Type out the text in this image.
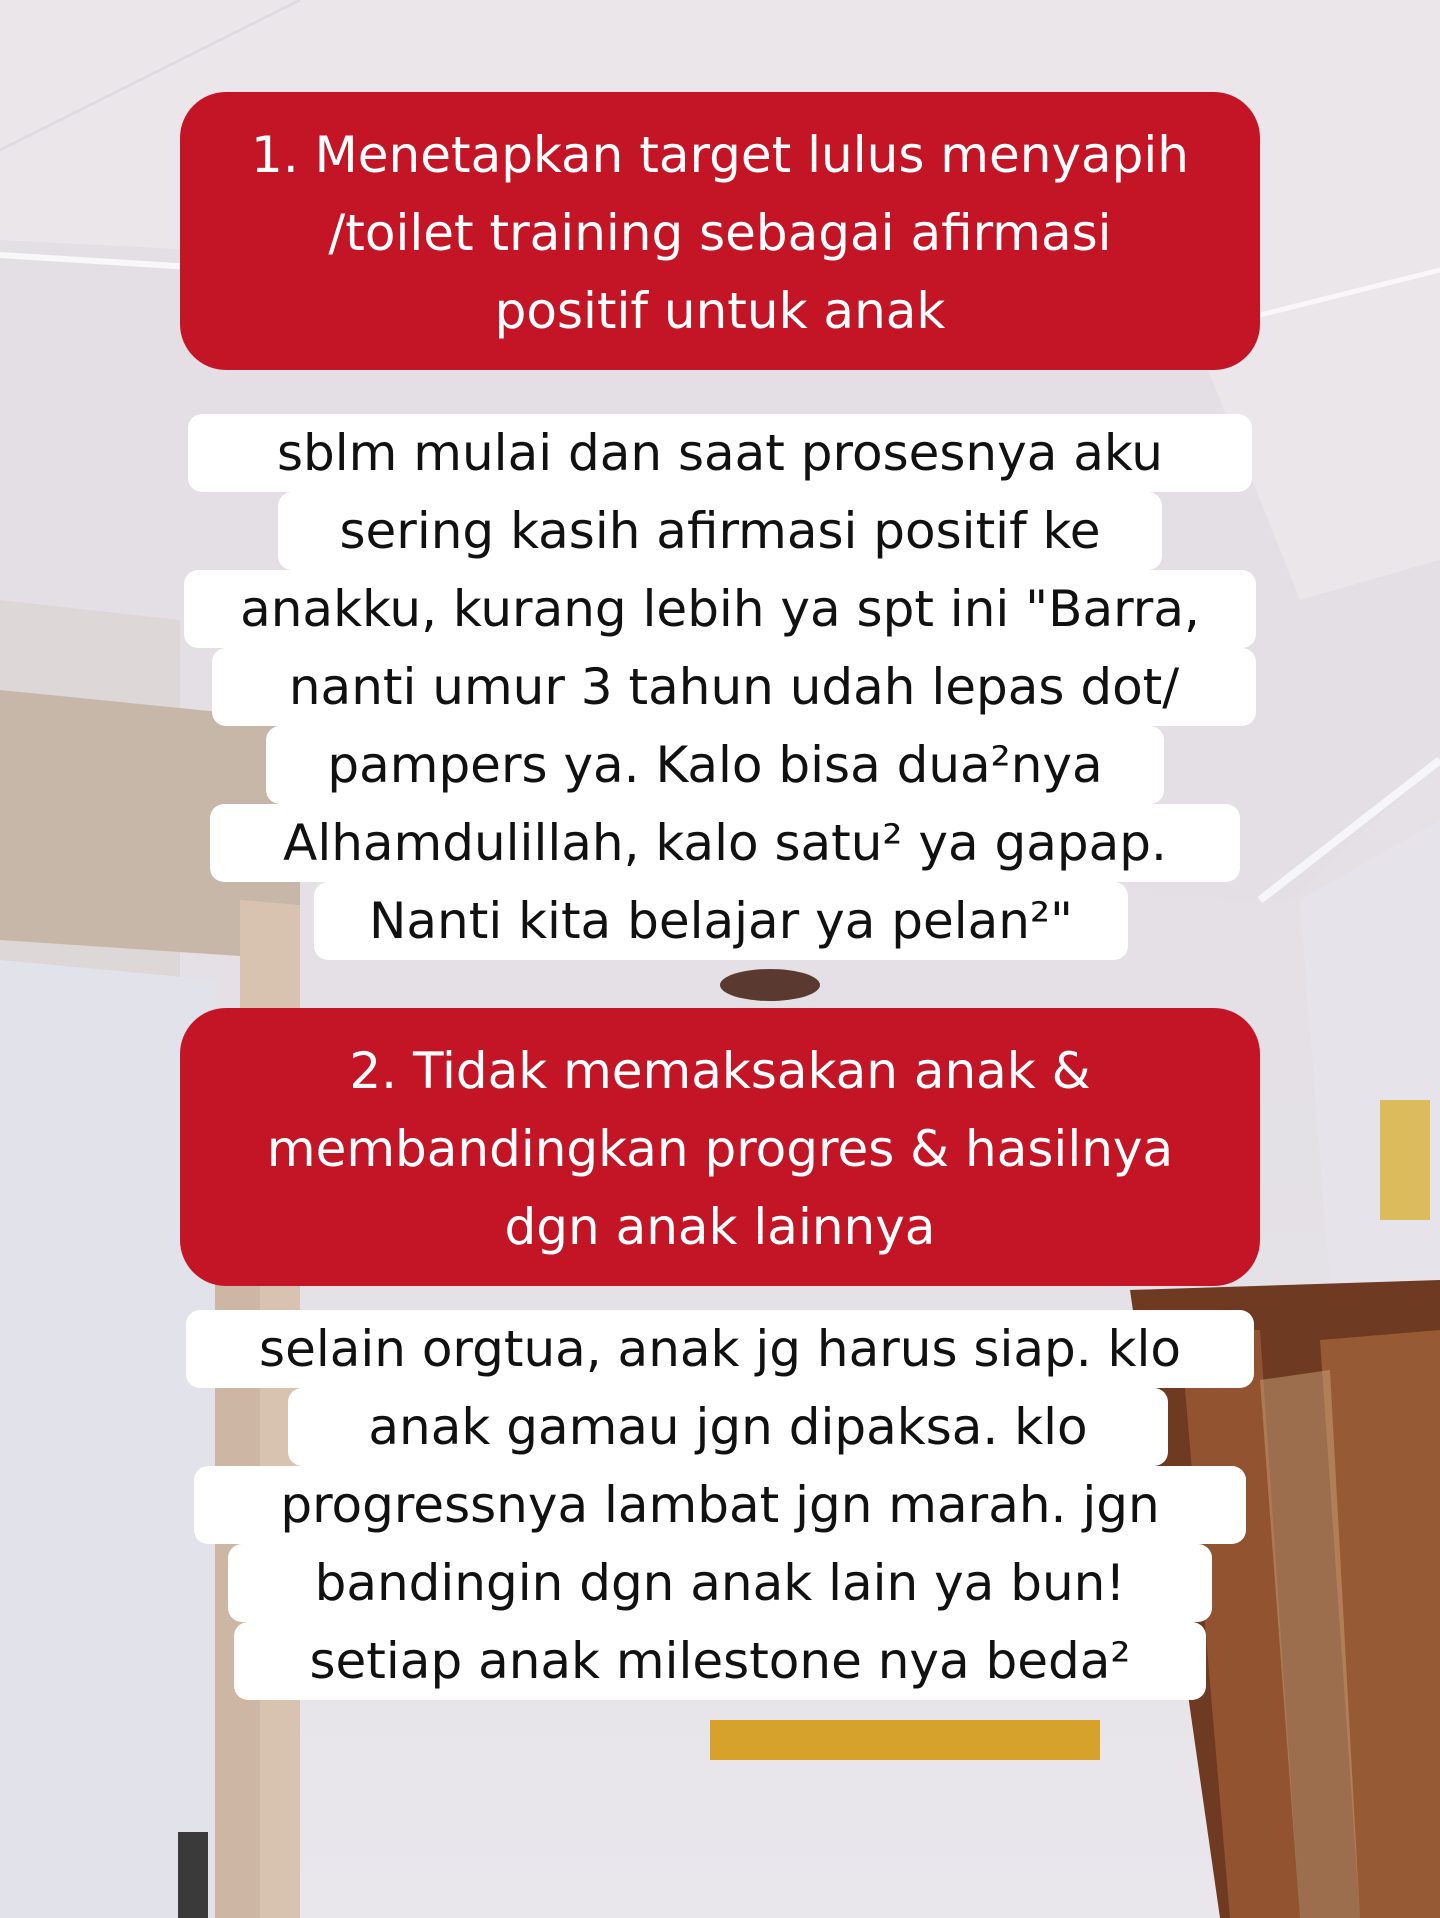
1. Menetapkan target lulus menyapih
/toilet training sebagai afirmasi
positif untuk anak
sblm mulai dan saat prosesnya aku
sering kasih afirmasi positif ke
anakku, kurang lebih ya spt ini "Barra,
nanti umur 3 tahun udah lepas dot/
pampers ya. Kalo bisa dua²nya
Alhamdulillah, kalo satu² ya gapap.
Nanti kita belajar ya pelan²"
2. Tidak memaksakan anak &
membandingkan progres & hasilnya
dgn anak lainnya
selain orgtua, anak jg harus siap. klo
anak gamau jgn dipaksa. klo
progressnya lambat jgn marah. jgn
bandingin dgn anak lain ya bun!
setiap anak milestone nya beda²
